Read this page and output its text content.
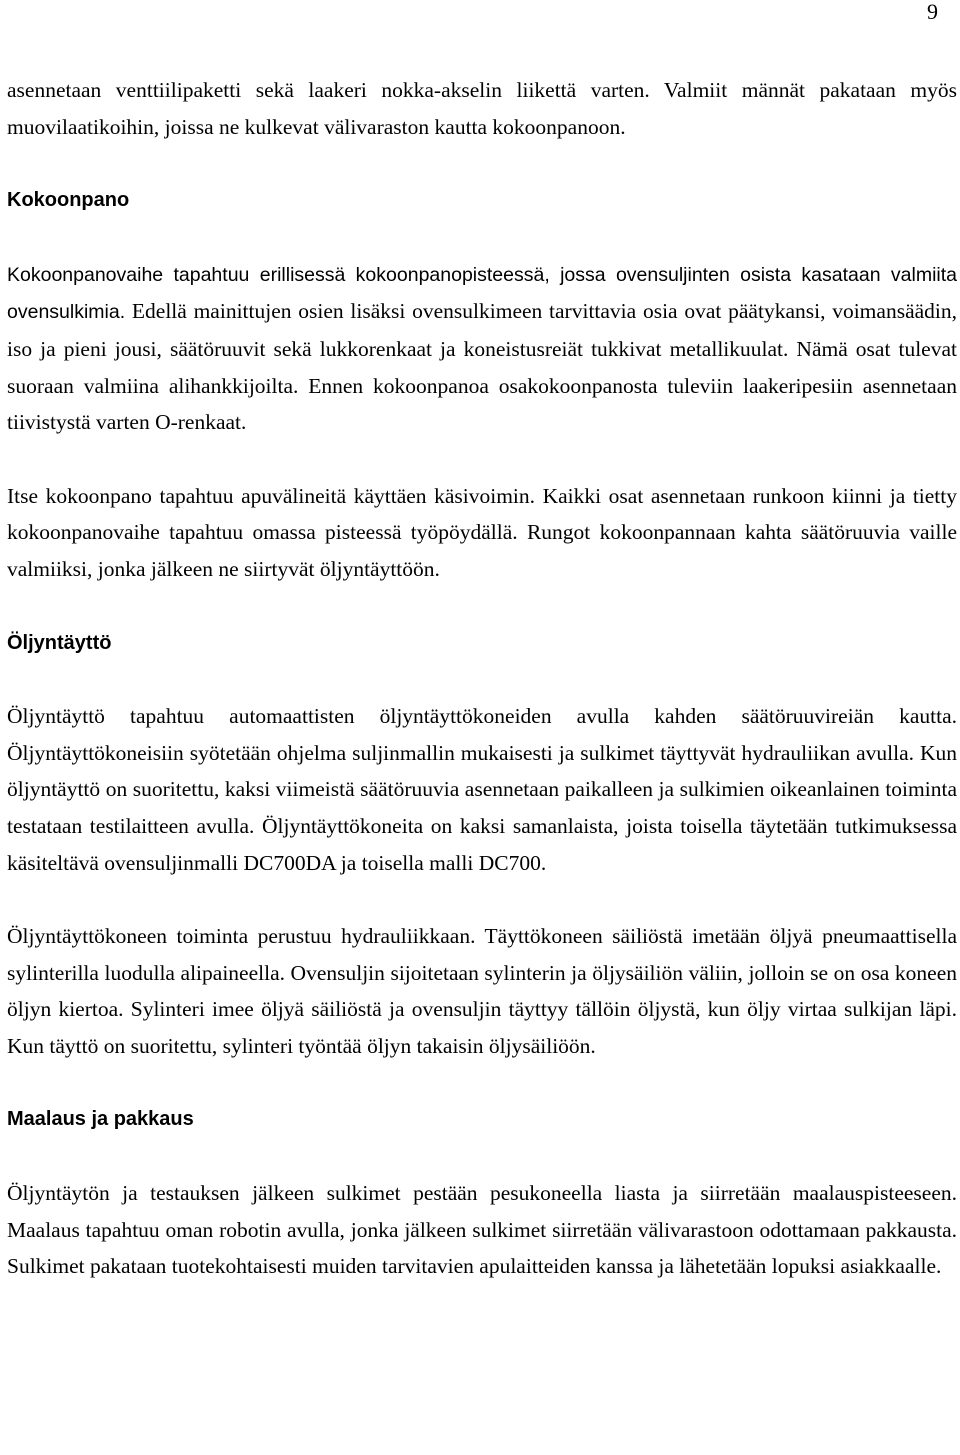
9

asennetaan venttiilipaketti sekä laakeri nokka-akselin liikettä varten. Valmiit männät pakataan myös muovilaatikoihin, joissa ne kulkevat välivaraston kautta kokoonpanoon.

Kokoonpano

Kokoonpanovaihe tapahtuu erillisessä kokoonpanopisteessä, jossa ovensuljinten osista kasataan valmiita ovensulkimia. Edellä mainittujen osien lisäksi ovensulkimeen tarvittavia osia ovat päätykansi, voimansäädin, iso ja pieni jousi, säätöruuvit sekä lukkorenkaat ja koneistusreiät tukkivat metallikuulat. Nämä osat tulevat suoraan valmiina alihankkijoilta. Ennen kokoonpanoa osakokoonpanosta tuleviin laakeripesiin asennetaan tiivistystä varten O-renkaat.

Itse kokoonpano tapahtuu apuvälineitä käyttäen käsivoimin. Kaikki osat asennetaan runkoon kiinni ja tietty kokoonpanovaihe tapahtuu omassa pisteessä työpöydällä. Rungot kokoonpannaan kahta säätöruuvia vaille valmiiksi, jonka jälkeen ne siirtyvät öljyntäyttöön.

Öljyntäyttö

Öljyntäyttö tapahtuu automaattisten öljyntäyttökoneiden avulla kahden säätöruuvireiän kautta. Öljyntäyttökoneisiin syötetään ohjelma suljinmallin mukaisesti ja sulkimet täyttyvät hydrauliikan avulla. Kun öljyntäyttö on suoritettu, kaksi viimeistä säätöruuvia asennetaan paikalleen ja sulkimien oikeanlainen toiminta testataan testilaitteen avulla. Öljyntäyttökoneita on kaksi samanlaista, joista toisella täytetään tutkimuksessa käsiteltävä ovensuljinmalli DC700DA ja toisella malli DC700.

Öljyntäyttökoneen toiminta perustuu hydrauliikkaan. Täyttökoneen säiliöstä imetään öljyä pneumaattisella sylinterilla luodulla alipaineella. Ovensuljin sijoitetaan sylinterin ja öljysäiliön väliin, jolloin se on osa koneen öljyn kiertoa. Sylinteri imee öljyä säiliöstä ja ovensuljin täyttyy tällöin öljystä, kun öljy virtaa sulkijan läpi. Kun täyttö on suoritettu, sylinteri työntää öljyn takaisin öljysäiliöön.

Maalaus ja pakkaus

Öljyntäytön ja testauksen jälkeen sulkimet pestään pesukoneella liasta ja siirretään maalauspisteeseen. Maalaus tapahtuu oman robotin avulla, jonka jälkeen sulkimet siirretään välivarastoon odottamaan pakkausta. Sulkimet pakataan tuotekohtaisesti muiden tarvitavien apulaitteiden kanssa ja lähetetään lopuksi asiakkaalle.
